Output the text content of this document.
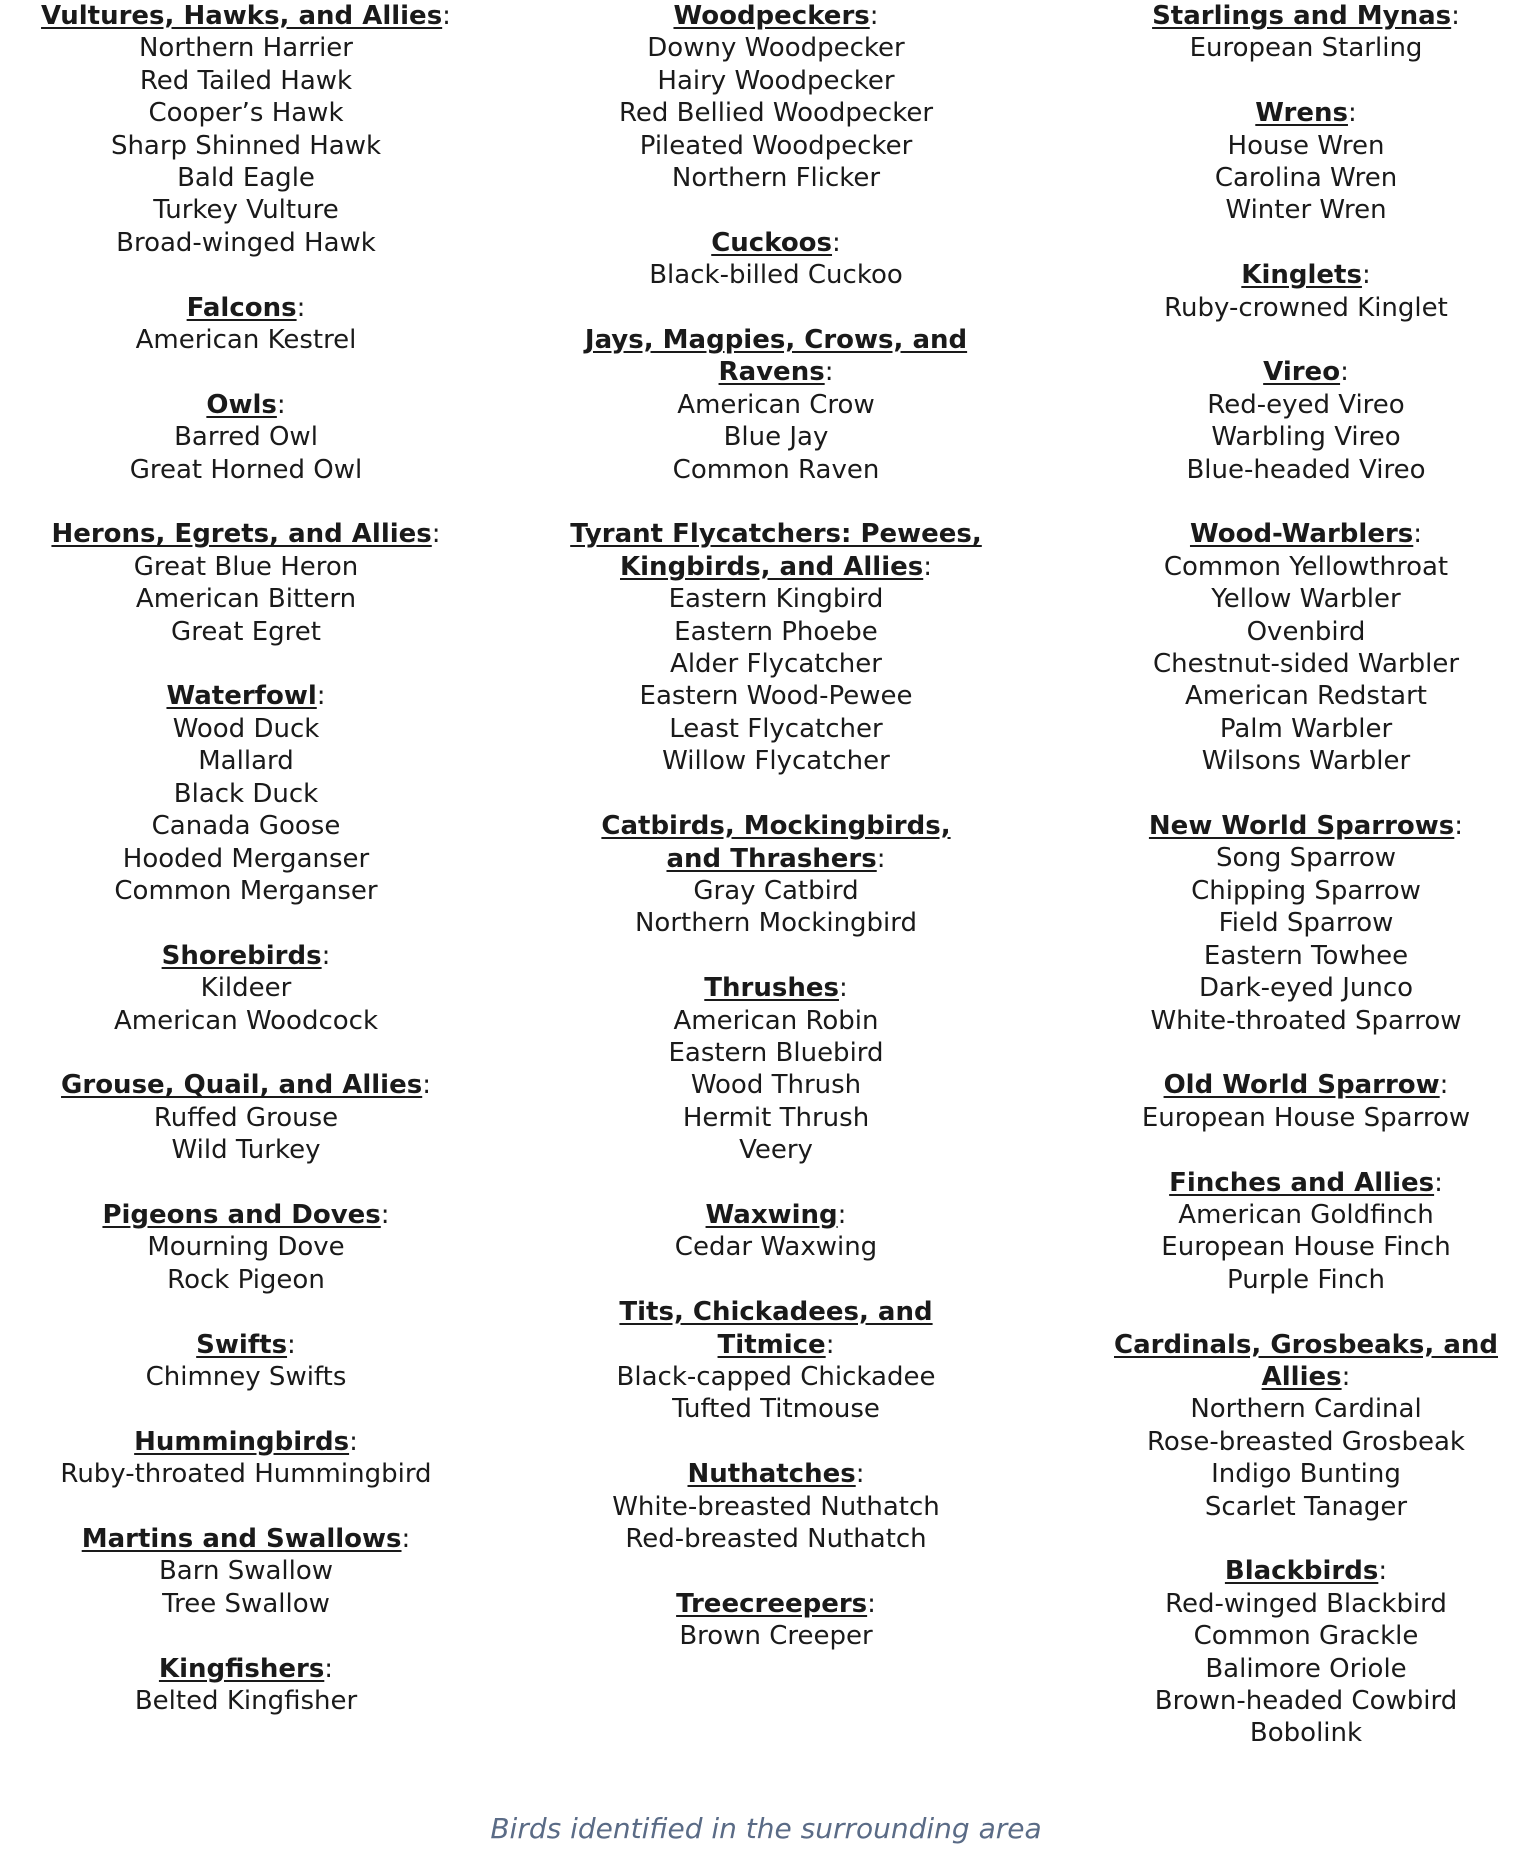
Vultures, Hawks, and Allies:
Northern Harrier
Red Tailed Hawk
Cooper’s Hawk
Sharp Shinned Hawk
Bald Eagle
Turkey Vulture
Broad-winged Hawk
Falcons:
American Kestrel
Owls:
Barred Owl
Great Horned Owl
Herons, Egrets, and Allies:
Great Blue Heron
American Bittern
Great Egret
Waterfowl:
Wood Duck
Mallard
Black Duck
Canada Goose
Hooded Merganser
Common Merganser
Shorebirds:
Kildeer
American Woodcock
Grouse, Quail, and Allies:
Ruffed Grouse
Wild Turkey
Pigeons and Doves:
Mourning Dove
Rock Pigeon
Swifts:
Chimney Swifts
Hummingbirds:
Ruby-throated Hummingbird
Martins and Swallows:
Barn Swallow
Tree Swallow
Kingfishers:
Belted Kingfisher
Woodpeckers:
Downy Woodpecker
Hairy Woodpecker
Red Bellied Woodpecker
Pileated Woodpecker
Northern Flicker
Cuckoos:
Black-billed Cuckoo
Jays, Magpies, Crows, and Ravens:
American Crow
Blue Jay
Common Raven
Tyrant Flycatchers: Pewees, Kingbirds, and Allies:
Eastern Kingbird
Eastern Phoebe
Alder Flycatcher
Eastern Wood-Pewee
Least Flycatcher
Willow Flycatcher
Catbirds, Mockingbirds, and Thrashers:
Gray Catbird
Northern Mockingbird
Thrushes:
American Robin
Eastern Bluebird
Wood Thrush
Hermit Thrush
Veery
Waxwing:
Cedar Waxwing
Tits, Chickadees, and Titmice:
Black-capped Chickadee
Tufted Titmouse
Nuthatches:
White-breasted Nuthatch
Red-breasted Nuthatch
Treecreepers:
Brown Creeper
Starlings and Mynas:
European Starling
Wrens:
House Wren
Carolina Wren
Winter Wren
Kinglets:
Ruby-crowned Kinglet
Vireo:
Red-eyed Vireo
Warbling Vireo
Blue-headed Vireo
Wood-Warblers:
Common Yellowthroat
Yellow Warbler
Ovenbird
Chestnut-sided Warbler
American Redstart
Palm Warbler
Wilsons Warbler
New World Sparrows:
Song Sparrow
Chipping Sparrow
Field Sparrow
Eastern Towhee
Dark-eyed Junco
White-throated Sparrow
Old World Sparrow:
European House Sparrow
Finches and Allies:
American Goldfinch
European House Finch
Purple Finch
Cardinals, Grosbeaks, and Allies:
Northern Cardinal
Rose-breasted Grosbeak
Indigo Bunting
Scarlet Tanager
Blackbirds:
Red-winged Blackbird
Common Grackle
Balimore Oriole
Brown-headed Cowbird
Bobolink
Birds identified in the surrounding area
